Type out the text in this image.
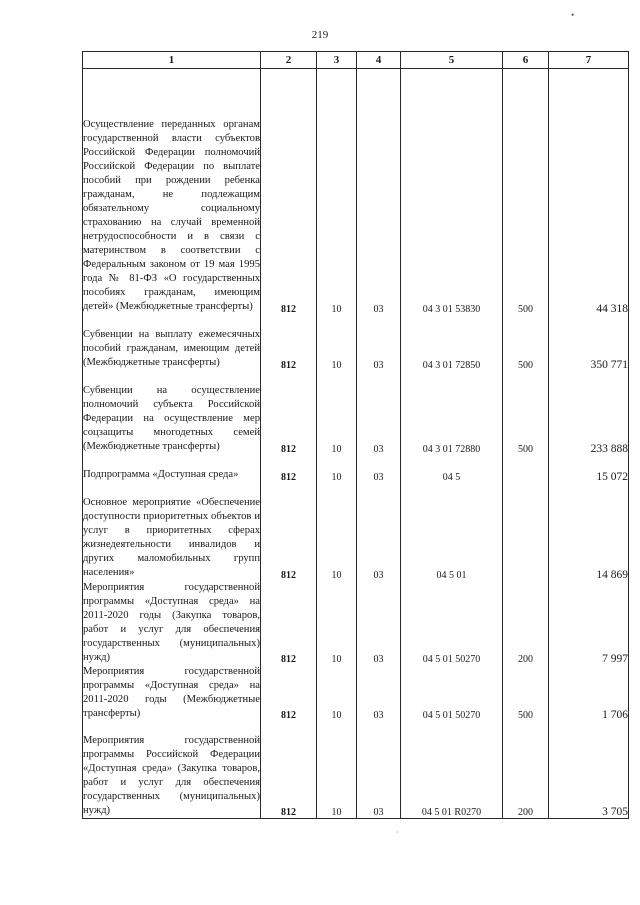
219
•
1	2	3	4	5	6	7
Осуществление переданных органам государственной власти субъектов Российской Федерации полномочий Российской Федерации по выплате пособий при рождении ребенка гражданам, не подлежащим обязательному социальному страхованию на случай временной нетрудоспособности и в связи с материнством в соответствии с Федеральным законом от 19 мая 1995 года № 81-ФЗ «О государственных пособиях гражданам, имеющим детей» (Межбюджетные трансферты)	812	10	03	04 3 01 53830	500	44 318
Субвенции на выплату ежемесячных пособий гражданам, имеющим детей (Межбюджетные трансферты)	812	10	03	04 3 01 72850	500	350 771
Субвенции на осуществление полномочий субъекта Российской Федерации на осуществление мер соцзащиты многодетных семей (Межбюджетные трансферты)	812	10	03	04 3 01 72880	500	233 888
Подпрограмма «Доступная среда»	812	10	03	04 5		15 072
Основное мероприятие «Обеспечение доступности приоритетных объектов и услуг в приоритетных сферах жизнедеятельности инвалидов и других маломобильных групп населения»	812	10	03	04 5 01		14 869
Мероприятия государственной программы «Доступная среда» на 2011-2020 годы (Закупка товаров, работ и услуг для обеспечения государственных (муниципальных) нужд)	812	10	03	04 5 01 50270	200	7 997
Мероприятия государственной программы «Доступная среда» на 2011-2020 годы (Межбюджетные трансферты)	812	10	03	04 5 01 50270	500	1 706
Мероприятия государственной программы Российской Федерации «Доступная среда» (Закупка товаров, работ и услуг для обеспечения государственных (муниципальных) нужд)	812	10	03	04 5 01 R0270	200	3 705
·
